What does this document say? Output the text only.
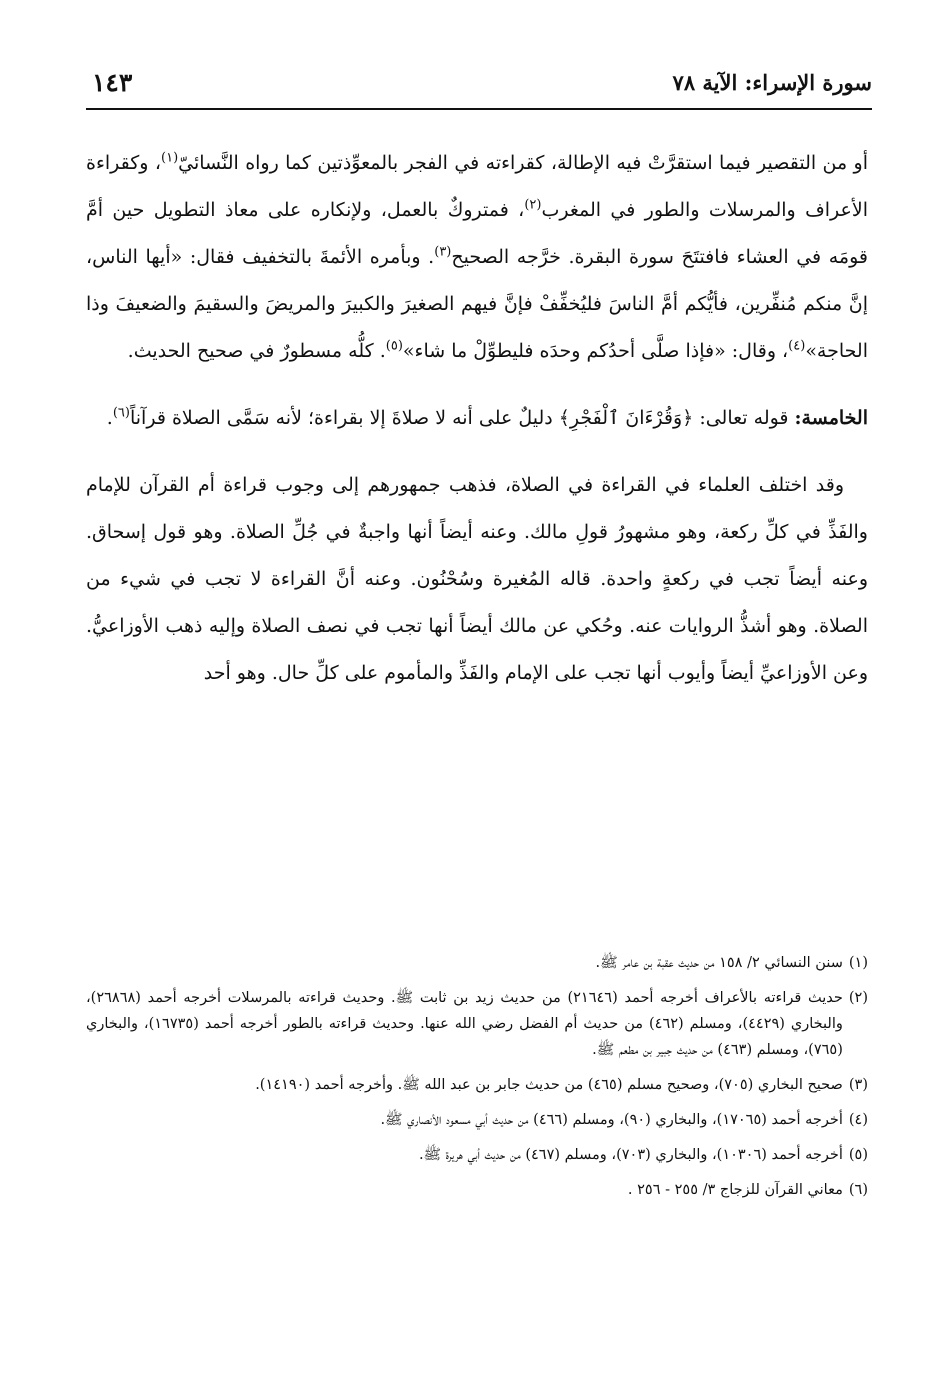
سورة الإسراء: الآية ٧٨
١٤٣

أو من التقصير فيما استقرَّتْ فيه الإطالة، كقراءته في الفجر بالمعوِّذتين كما رواه النَّسائيّ$^{(١)}$، وكقراءة الأعراف والمرسلات والطور في المغرب$^{(٢)}$، فمتروكٌ بالعمل، ولإنكاره على معاذ التطويل حين أمَّ قومَه في العشاء فافتتَحَ سورة البقرة. خرَّجه الصحيح$^{(٣)}$. وبأمره الأئمةَ بالتخفيف فقال: «أيها الناس، إنَّ منكم مُنفِّرين، فأيُّكم أمَّ الناسَ فليُخفِّفْ فإنَّ فيهم الصغيرَ والكبيرَ والمريضَ والسقيمَ والضعيفَ وذا الحاجة»$^{(٤)}$، وقال: «فإذا صلَّى أحدُكم وحدَه فليطوِّلْ ما شاء»$^{(٥)}$. كلُّه مسطورٌ في صحيح الحديث.

الخامسة: قوله تعالى: ﴿وَقُرْءَانَ ٱلْفَجْرِ﴾ دليلٌ على أنه لا صلاةَ إلا بقراءة؛ لأنه سَمَّى الصلاة قرآناً$^{(٦)}$.

وقد اختلف العلماء في القراءة في الصلاة، فذهب جمهورهم إلى وجوب قراءة أم القرآن للإمام والفَذِّ في كلِّ ركعة، وهو مشهورُ قولِ مالك. وعنه أيضاً أنها واجبةٌ في جُلِّ الصلاة. وهو قول إسحاق. وعنه أيضاً تجب في ركعةٍ واحدة. قاله المُغيرة وسُحْنُون. وعنه أنَّ القراءة لا تجب في شيء من الصلاة. وهو أشذُّ الروايات عنه. وحُكي عن مالك أيضاً أنها تجب في نصف الصلاة وإليه ذهب الأوزاعيُّ. وعن الأوزاعيِّ أيضاً وأيوب أنها تجب على الإمام والفَذِّ والمأموم على كلِّ حال. وهو أحد

(١)
سنن النسائي ٢/ ١٥٨ من حديث عقبة بن عامر ﷺ.
(٢)
حديث قراءته بالأعراف أخرجه أحمد (٢١٦٤٦) من حديث زيد بن ثابت ﷺ. وحديث قراءته بالمرسلات أخرجه أحمد (٢٦٨٦٨)، والبخاري (٤٤٢٩)، ومسلم (٤٦٢) من حديث أم الفضل رضي الله عنها. وحديث قراءته بالطور أخرجه أحمد (١٦٧٣٥)، والبخاري (٧٦٥)، ومسلم (٤٦٣) من حديث جبير بن مطعم ﷺ.
(٣)
صحيح البخاري (٧٠٥)، وصحيح مسلم (٤٦٥) من حديث جابر بن عبد الله ﷺ. وأخرجه أحمد (١٤١٩٠).
(٤)
أخرجه أحمد (١٧٠٦٥)، والبخاري (٩٠)، ومسلم (٤٦٦) من حديث أبي مسعود الأنصاري ﷺ.
(٥)
أخرجه أحمد (١٠٣٠٦)، والبخاري (٧٠٣)، ومسلم (٤٦٧) من حديث أبي هريرة ﷺ.
(٦)
معاني القرآن للزجاج ٣/ ٢٥٥ - ٢٥٦ .
